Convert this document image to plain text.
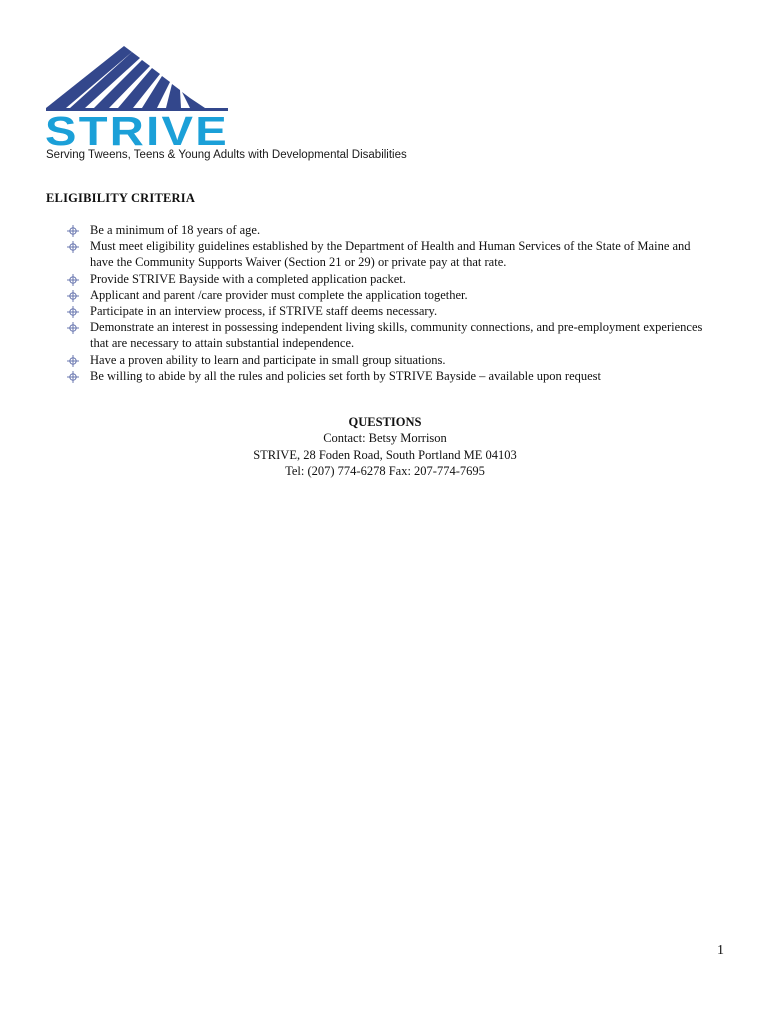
STRIVE
Serving Tweens, Teens & Young Adults with Developmental Disabilities
ELIGIBILITY CRITERIA
Be a minimum of 18 years of age.
Must meet eligibility guidelines established by the Department of Health and Human Services of the State of Maine and have the Community Supports Waiver (Section 21 or 29) or private pay at that rate.
Provide STRIVE Bayside with a completed application packet.
Applicant and parent /care provider must complete the application together.
Participate in an interview process, if STRIVE staff deems necessary.
Demonstrate an interest in possessing independent living skills, community connections, and pre-employment experiences that are necessary to attain substantial independence.
Have a proven ability to learn and participate in small group situations.
Be willing to abide by all the rules and policies set forth by STRIVE Bayside – available upon request
QUESTIONS
Contact: Betsy Morrison
STRIVE, 28 Foden Road, South Portland ME 04103
Tel: (207) 774-6278 Fax: 207-774-7695
1
